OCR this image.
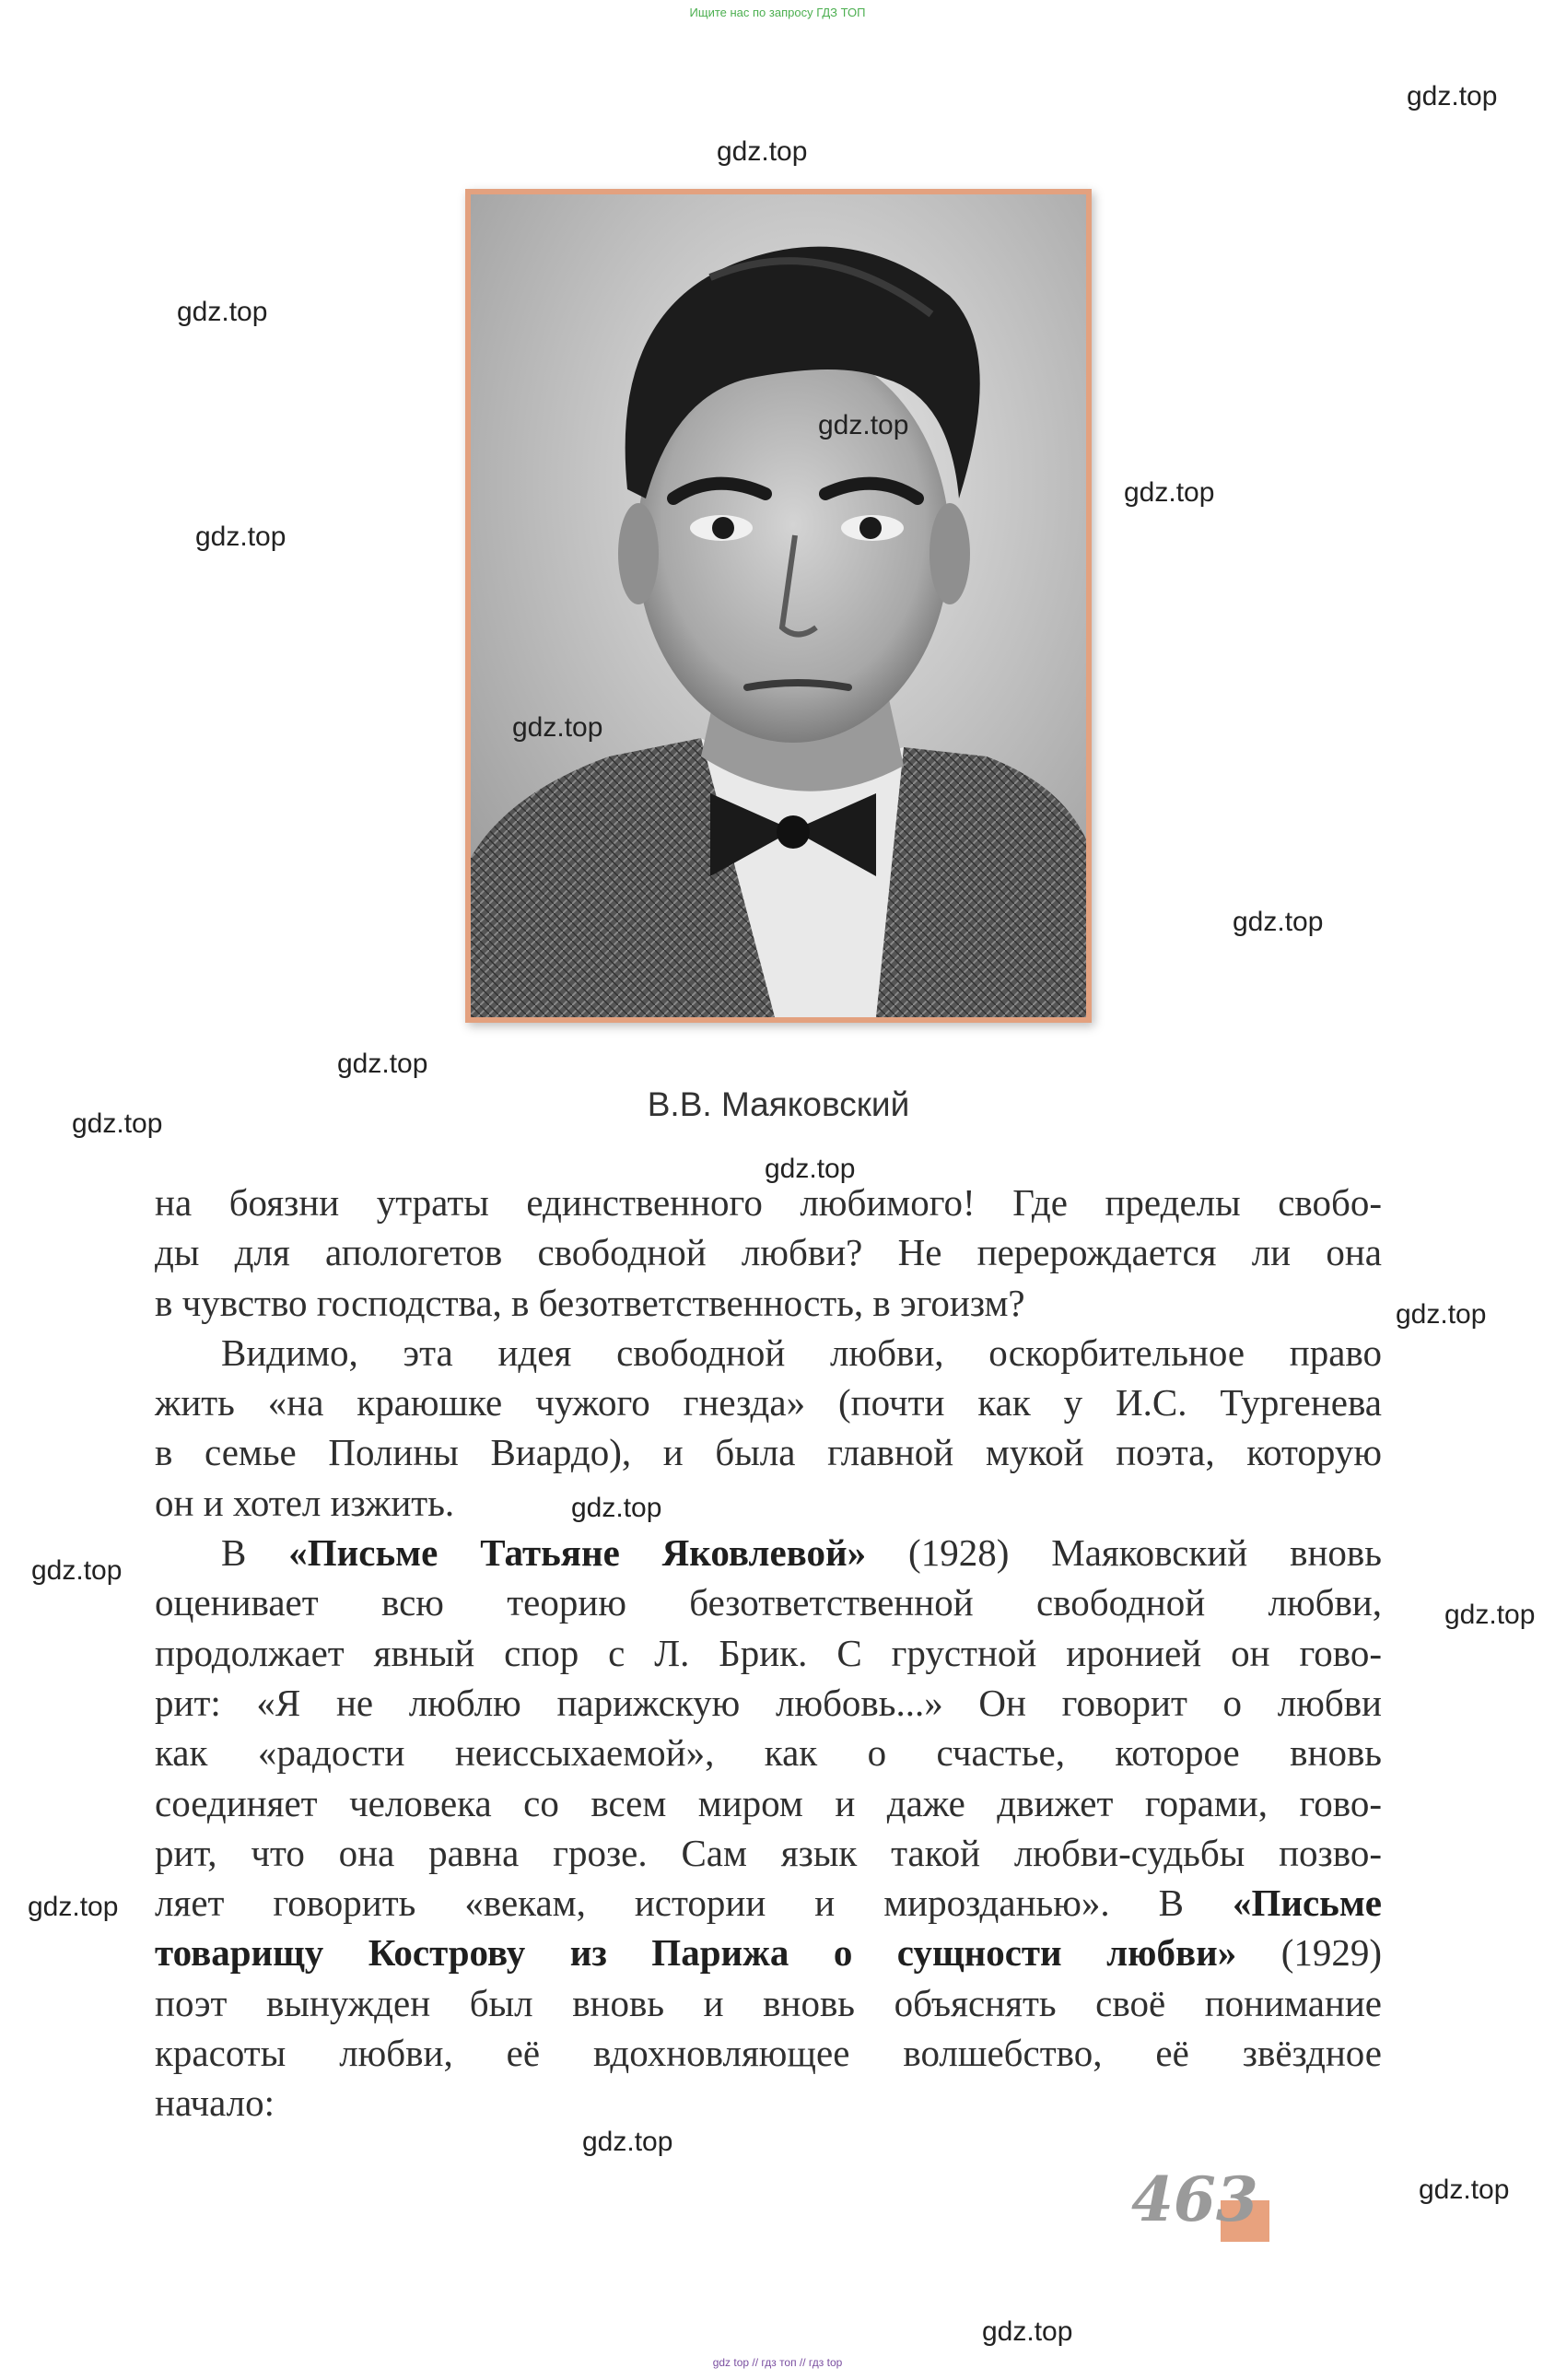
Ищите нас по запросу ГДЗ ТОП
gdz.top
gdz.top
gdz.top
gdz.top
gdz.top
gdz.top
gdz.top
gdz.top
gdz.top
gdz.top
gdz.top
gdz.top
gdz.top
gdz.top
gdz.top
gdz.top
gdz.top
gdz.top
gdz.top
В.В. Маяковский
на боязни утраты единственного любимого! Где пределы свобо-
ды для апологетов свободной любви? Не перерождается ли она
в чувство господства, в безответственность, в эгоизм?
Видимо, эта идея свободной любви, оскорбительное право
жить «на краюшке чужого гнезда» (почти как у И.С. Тургенева
в семье Полины Виардо), и была главной мукой поэта, которую
он и хотел изжить.
В «Письме Татьяне Яковлевой» (1928) Маяковский вновь
оценивает всю теорию безответственной свободной любви,
продолжает явный спор с Л. Брик. С грустной иронией он гово-
рит: «Я не люблю парижскую любовь...» Он говорит о любви
как «радости неиссыхаемой», как о счастье, которое вновь
соединяет человека со всем миром и даже движет горами, гово-
рит, что она равна грозе. Сам язык такой любви-судьбы позво-
ляет говорить «векам, истории и мирозданью». В «Письме
товарищу Кострову из Парижа о сущности любви» (1929)
поэт вынужден был вновь и вновь объяснять своё понимание
красоты любви, её вдохновляющее волшебство, её звёздное
начало:
463
gdz top // гдз топ // гдз top
